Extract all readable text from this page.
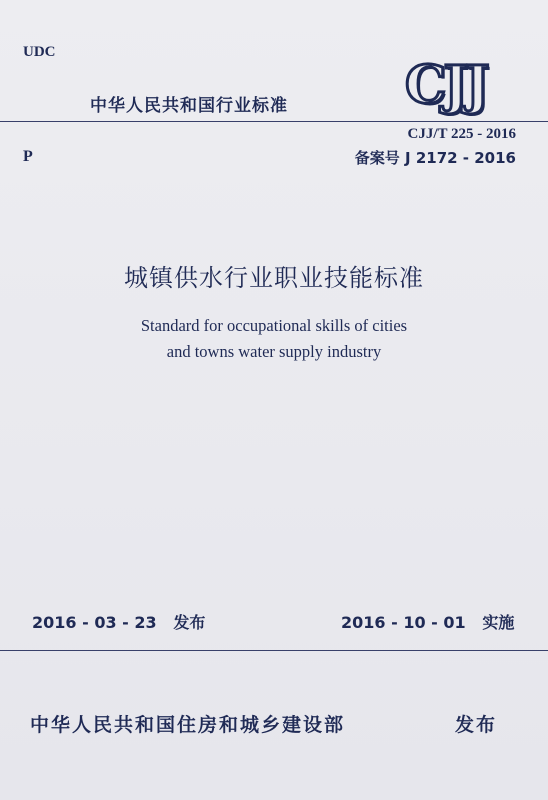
UDC
P
CJJ
中华人民共和国行业标准
CJJ/T 225 - 2016
备案号 J 2172 - 2016
城镇供水行业职业技能标准
Standard for occupational skills of cities
and towns water supply industry
2016 - 03 - 23   发布	2016 - 10 - 01   实施
中华人民共和国住房和城乡建设部	发布
